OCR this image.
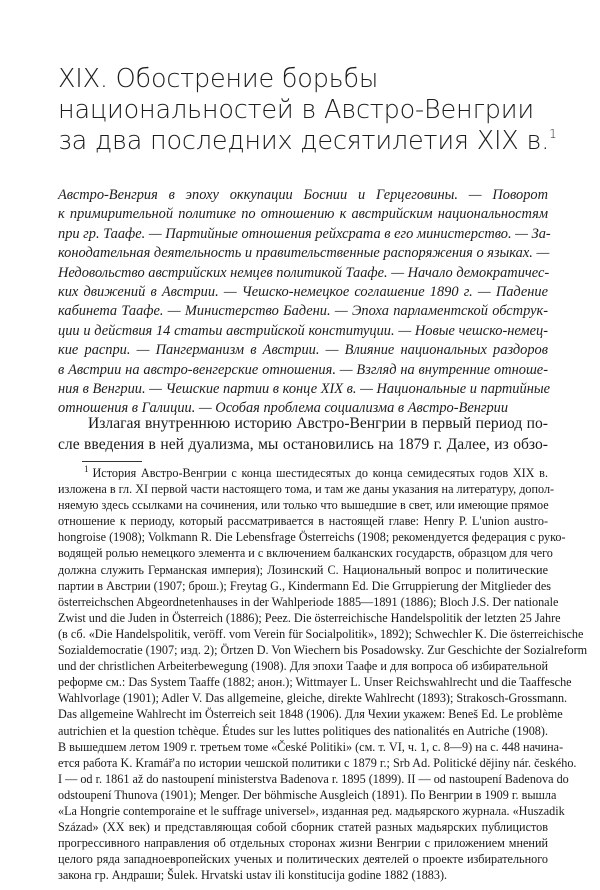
XIX. Обострение борьбы
национальностей в Австро-Венгрии
за два последних десятилетия XIX в.$^1$
Австро-Венгрия в эпоху оккупации Боснии и Герцеговины. — Поворот
к примирительной политике по отношению к австрийским национальностям
при гр. Таафе. — Партийные отношения рейхсрата в его министерство. — За-
конодательная деятельность и правительственные распоряжения о языках. —
Недовольство австрийских немцев политикой Таафе. — Начало демократичес-
ких движений в Австрии. — Чешско-немецкое соглашение 1890 г. — Падение
кабинета Таафе. — Министерство Бадени. — Эпоха парламентской обструк-
ции и действия 14 статьи австрийской конституции. — Новые чешско-немец-
кие распри. — Пангерманизм в Австрии. — Влияние национальных раздоров
в Австрии на австро-венгерские отношения. — Взгляд на внутренние отноше-
ния в Венгрии. — Чешские партии в конце XIX в. — Национальные и партийные
отношения в Галиции. — Особая проблема социализма в Австро-Венгрии
Излагая внутреннюю историю Австро-Венгрии в первый период по-
сле введения в ней дуализма, мы остановились на 1879 г. Далее, из обзо-
$^1$ История Австро-Венгрии с конца шестидесятых до конца семидесятых годов XIX в.
изложена в гл. XI первой части настоящего тома, и там же даны указания на литературу, допол-
няемую здесь ссылками на сочинения, или только что вышедшие в свет, или имеющие прямое
отношение к периоду, который рассматривается в настоящей главе: Henry P. L'union austro-
hongroise (1908); Volkmann R. Die Lebensfrage Österreichs (1908; рекомендуется федерация с руко-
водящей ролью немецкого элемента и с включением балканских государств, образцом для чего
должна служить Германская империя); Лозинский С. Национальный вопрос и политические
партии в Австрии (1907; брош.); Freytag G., Kindermann Ed. Die Grruppierung der Mitglieder des
österreichschen Abgeordnetenhauses in der Wahlperiode 1885—1891 (1886); Bloch J.S. Der nationale
Zwist und die Juden in Österreich (1886); Peez. Die österreichische Handelspolitik der letzten 25 Jahre
(в сб. «Die Handelspolitik, veröff. vom Verein für Socialpolitik», 1892); Schwechler K. Die österreichische
Sozialdemocratie (1907; изд. 2); Örtzen D. Von Wiechern bis Posadowsky. Zur Geschichte der Sozialreform
und der christlichen Arbeiterbewegung (1908). Для эпохи Таафе и для вопроса об избирательной
реформе см.: Das System Taaffe (1882; анон.); Wittmayer L. Unser Reichswahlrecht und die Taaffesche
Wahlvorlage (1901); Adler V. Das allgemeine, gleiche, direkte Wahlrecht (1893); Strakosch-Grossmann.
Das allgemeine Wahlrecht im Österreich seit 1848 (1906). Для Чехии укажем: Beneš Ed. Le problème
autrichien et la question tchèque. Études sur les luttes politiques des nationalités en Autriche (1908).
В вышедшем летом 1909 г. третьем томе «České Politiki» (см. т. VI, ч. 1, с. 8—9) на с. 448 начина-
ется работа K. Kramář'a по истории чешской политики с 1879 г.; Srb Ad. Politické dějiny nár. českého.
I — od r. 1861 až do nastoupení ministerstva Badenova r. 1895 (1899). II — od nastoupení Badenova do
odstoupení Thunova (1901); Menger. Der böhmische Ausgleich (1891). По Венгрии в 1909 г. вышла
«La Hongrie contemporaine et le suffrage universel», изданная ред. мадьярского журнала. «Huszadik
Század» (XX век) и представляющая собой сборник статей разных мадьярских публицистов
прогрессивного направления об отдельных сторонах жизни Венгрии с приложением мнений
целого ряда западноевропейских ученых и политических деятелей о проекте избирательного
закона гр. Андраши; Šulek. Hrvatski ustav ili konstitucija godine 1882 (1883).
